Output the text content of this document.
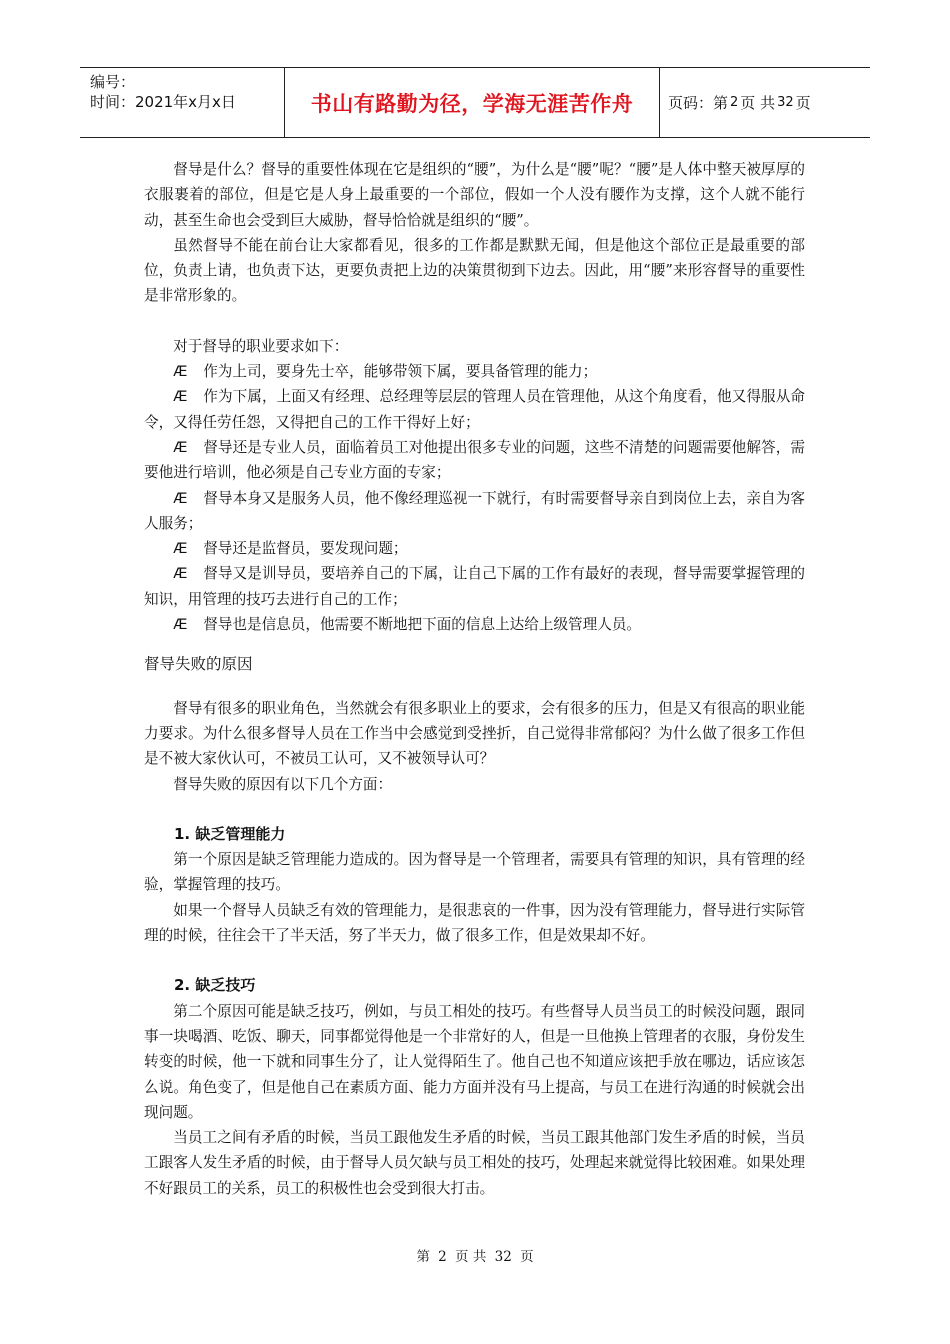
编号：
时间：2021年x月x日	书山有路勤为径，学海无涯苦作舟	页码：第 2 页 共 32 页

督导是什么？督导的重要性体现在它是组织的“腰”，为什么是“腰”呢？“腰”是人体中整天被厚厚的衣服裹着的部位，但是它是人身上最重要的一个部位，假如一个人没有腰作为支撑，这个人就不能行动，甚至生命也会受到巨大威胁，督导恰恰就是组织的“腰”。

虽然督导不能在前台让大家都看见，很多的工作都是默默无闻，但是他这个部位正是最重要的部位，负责上请，也负责下达，更要负责把上边的决策贯彻到下边去。因此，用“腰”来形容督导的重要性是非常形象的。

对于督导的职业要求如下：

Æ 作为上司，要身先士卒，能够带领下属，要具备管理的能力；

Æ 作为下属，上面又有经理、总经理等层层的管理人员在管理他，从这个角度看，他又得服从命令，又得任劳任怨，又得把自己的工作干得好上好；

Æ 督导还是专业人员，面临着员工对他提出很多专业的问题，这些不清楚的问题需要他解答，需要他进行培训，他必须是自己专业方面的专家；

Æ 督导本身又是服务人员，他不像经理巡视一下就行，有时需要督导亲自到岗位上去，亲自为客人服务；

Æ 督导还是监督员，要发现问题；

Æ 督导又是训导员，要培养自己的下属，让自己下属的工作有最好的表现，督导需要掌握管理的知识，用管理的技巧去进行自己的工作；

Æ 督导也是信息员，他需要不断地把下面的信息上达给上级管理人员。

督导失败的原因

督导有很多的职业角色，当然就会有很多职业上的要求，会有很多的压力，但是又有很高的职业能力要求。为什么很多督导人员在工作当中会感觉到受挫折，自己觉得非常郁闷？为什么做了很多工作但是不被大家伙认可，不被员工认可，又不被领导认可？

督导失败的原因有以下几个方面：

1. 缺乏管理能力

第一个原因是缺乏管理能力造成的。因为督导是一个管理者，需要具有管理的知识，具有管理的经验，掌握管理的技巧。

如果一个督导人员缺乏有效的管理能力，是很悲哀的一件事，因为没有管理能力，督导进行实际管理的时候，往往会干了半天活，努了半天力，做了很多工作，但是效果却不好。

2. 缺乏技巧

第二个原因可能是缺乏技巧，例如，与员工相处的技巧。有些督导人员当员工的时候没问题，跟同事一块喝酒、吃饭、聊天，同事都觉得他是一个非常好的人，但是一旦他换上管理者的衣服，身份发生转变的时候，他一下就和同事生分了，让人觉得陌生了。他自己也不知道应该把手放在哪边，话应该怎么说。角色变了，但是他自己在素质方面、能力方面并没有马上提高，与员工在进行沟通的时候就会出现问题。

当员工之间有矛盾的时候，当员工跟他发生矛盾的时候，当员工跟其他部门发生矛盾的时候，当员工跟客人发生矛盾的时候，由于督导人员欠缺与员工相处的技巧，处理起来就觉得比较困难。如果处理不好跟员工的关系，员工的积极性也会受到很大打击。

第 2 页 共 32 页
